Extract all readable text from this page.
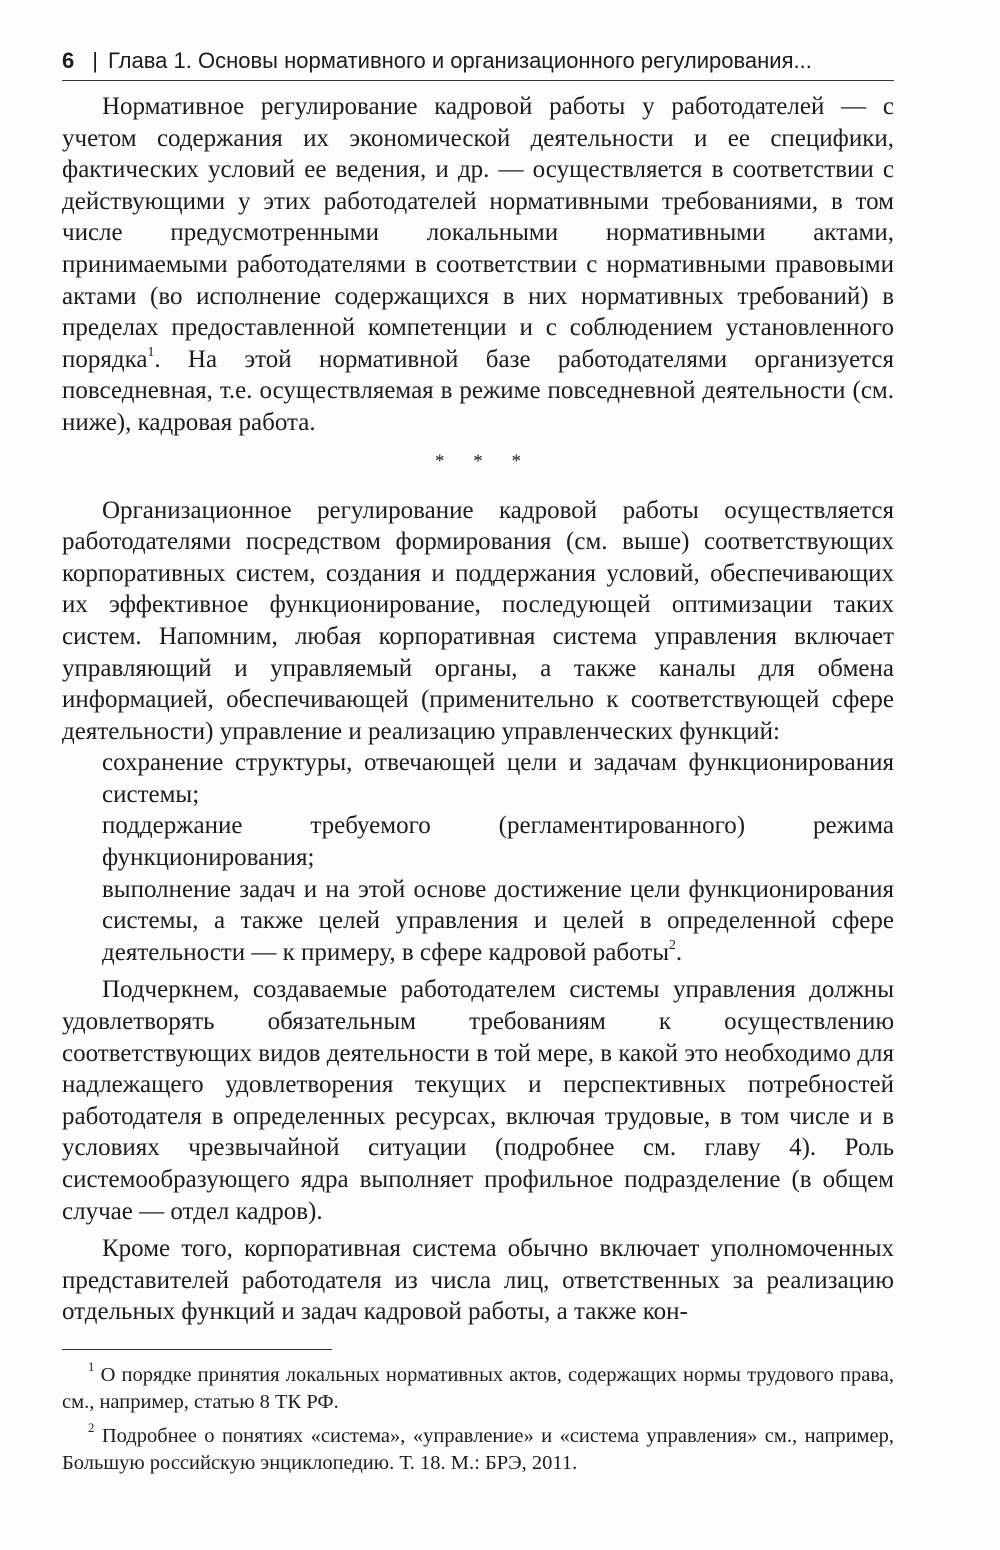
6 | Глава 1. Основы нормативного и организационного регулирования...

Нормативное регулирование кадровой работы у работодателей — с учетом содержания их экономической деятельности и ее специфики, фактических условий ее ведения, и др. — осуществляется в соответствии с действующими у этих работодателей нормативными требованиями, в том числе предусмотренными локальными нормативными актами, принимаемыми работодателями в соответствии с нормативными правовыми актами (во исполнение содержащихся в них нормативных требований) в пределах предоставленной компетенции и с соблюдением установленного порядка$^1$. На этой нормативной базе работодателями организуется повседневная, т.е. осуществляемая в режиме повседневной деятельности (см. ниже), кадровая работа.

* * *

Организационное регулирование кадровой работы осуществляется работодателями посредством формирования (см. выше) соответствующих корпоративных систем, создания и поддержания условий, обеспечивающих их эффективное функционирование, последующей оптимизации таких систем. Напомним, любая корпоративная система управления включает управляющий и управляемый органы, а также каналы для обмена информацией, обеспечивающей (применительно к соответствующей сфере деятельности) управление и реализацию управленческих функций:

сохранение структуры, отвечающей цели и задачам функционирования системы;

поддержание требуемого (регламентированного) режима функционирования;

выполнение задач и на этой основе достижение цели функционирования системы, а также целей управления и целей в определенной сфере деятельности — к примеру, в сфере кадровой работы$^2$.

Подчеркнем, создаваемые работодателем системы управления должны удовлетворять обязательным требованиям к осуществлению соответствующих видов деятельности в той мере, в какой это необходимо для надлежащего удовлетворения текущих и перспективных потребностей работодателя в определенных ресурсах, включая трудовые, в том числе и в условиях чрезвычайной ситуации (подробнее см. главу 4). Роль системообразующего ядра выполняет профильное подразделение (в общем случае — отдел кадров).

Кроме того, корпоративная система обычно включает уполномоченных представителей работодателя из числа лиц, ответственных за реализацию отдельных функций и задач кадровой работы, а также кон-

$^1$ О порядке принятия локальных нормативных актов, содержащих нормы трудового права, см., например, статью 8 ТК РФ.

$^2$ Подробнее о понятиях «система», «управление» и «система управления» см., например, Большую российскую энциклопедию. Т. 18. М.: БРЭ, 2011.
